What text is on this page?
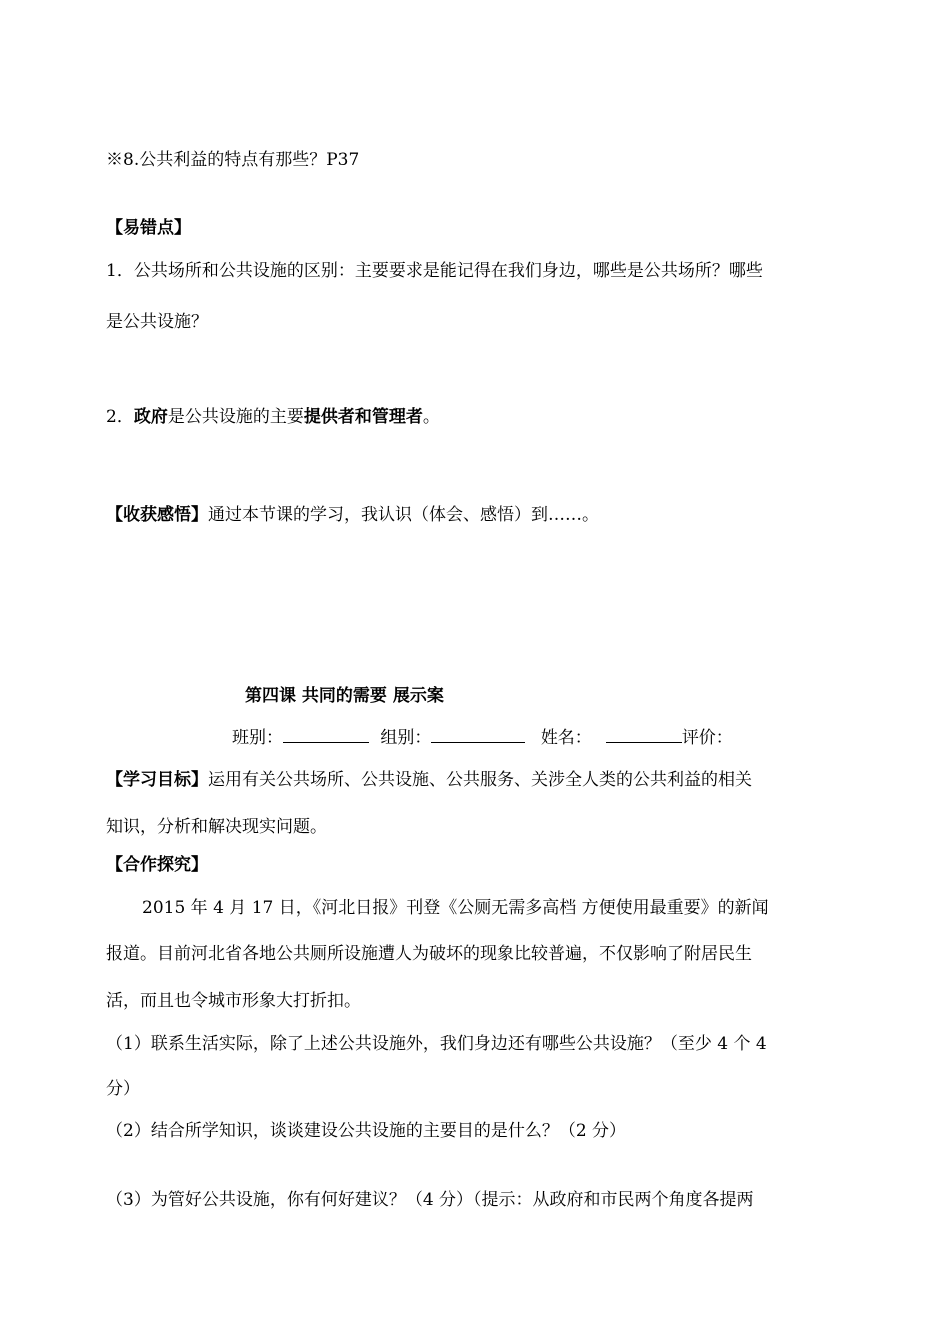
※8.公共利益的特点有那些？P37
【易错点】
1．公共场所和公共设施的区别：主要要求是能记得在我们身边，哪些是公共场所？哪些
是公共设施？
2．政府是公共设施的主要提供者和管理者。
【收获感悟】通过本节课的学习，我认识（体会、感悟）到……。
第四课 共同的需要 展示案
班别：	组别：	姓名：	评价：
【学习目标】运用有关公共场所、公共设施、公共服务、关涉全人类的公共利益的相关
知识，分析和解决现实问题。
【合作探究】
2015 年 4 月 17 日，《河北日报》刊登《公厕无需多高档 方便使用最重要》的新闻
报道。目前河北省各地公共厕所设施遭人为破坏的现象比较普遍，不仅影响了附居民生
活，而且也令城市形象大打折扣。
（1）联系生活实际，除了上述公共设施外，我们身边还有哪些公共设施？（至少 4 个 4
分）
（2）结合所学知识，谈谈建设公共设施的主要目的是什么？（2 分）
（3）为管好公共设施，你有何好建议？（4 分）（提示：从政府和市民两个角度各提两
